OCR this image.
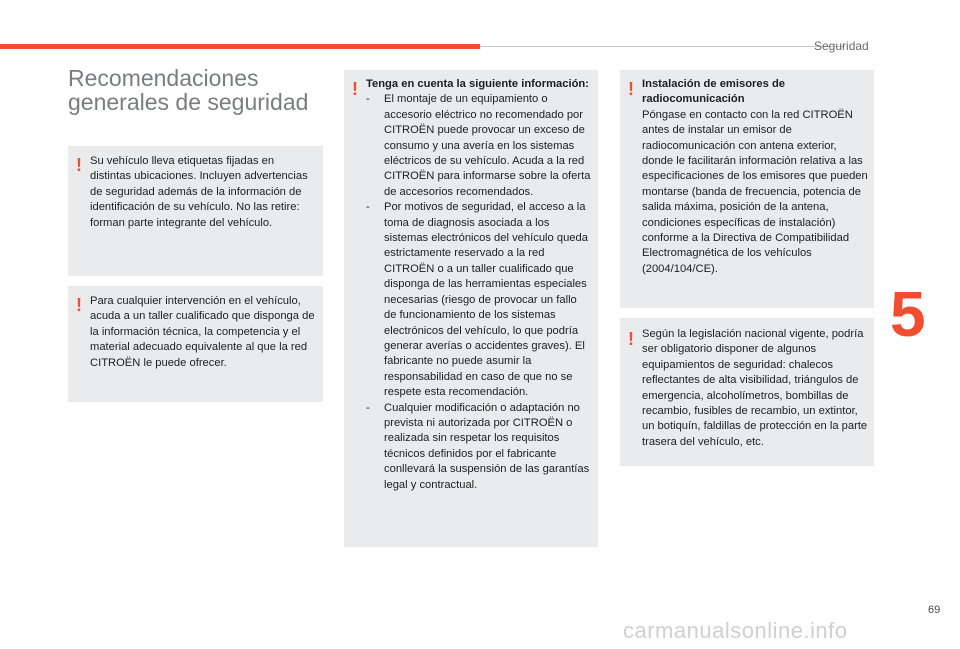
Seguridad
5
69
carmanualsonline.info
Recomendaciones generales de seguridad
! Su vehículo lleva etiquetas fijadas en distintas ubicaciones. Incluyen advertencias de seguridad además de la información de identificación de su vehículo. No las retire: forman parte integrante del vehículo.

! Para cualquier intervención en el vehículo, acuda a un taller cualificado que disponga de la información técnica, la competencia y el material adecuado equivalente al que la red CITROËN le puede ofrecer.

! Tenga en cuenta la siguiente información:

- El montaje de un equipamiento o accesorio eléctrico no recomendado por CITROËN puede provocar un exceso de consumo y una avería en los sistemas eléctricos de su vehículo. Acuda a la red CITROËN para informarse sobre la oferta de accesorios recomendados.
- Por motivos de seguridad, el acceso a la toma de diagnosis asociada a los sistemas electrónicos del vehículo queda estrictamente reservado a la red CITROËN o a un taller cualificado que disponga de las herramientas especiales necesarias (riesgo de provocar un fallo de funcionamiento de los sistemas electrónicos del vehículo, lo que podría generar averías o accidentes graves). El fabricante no puede asumir la responsabilidad en caso de que no se respete esta recomendación.
- Cualquier modificación o adaptación no prevista ni autorizada por CITROËN o realizada sin respetar los requisitos técnicos definidos por el fabricante conllevará la suspensión de las garantías legal y contractual.
! Instalación de emisores de radiocomunicación

Póngase en contacto con la red CITROËN antes de instalar un emisor de radiocomunicación con antena exterior, donde le facilitarán información relativa a las especificaciones de los emisores que pueden montarse (banda de frecuencia, potencia de salida máxima, posición de la antena, condiciones específicas de instalación) conforme a la Directiva de Compatibilidad Electromagnética de los vehículos (2004/104/CE).

! Según la legislación nacional vigente, podría ser obligatorio disponer de algunos equipamientos de seguridad: chalecos reflectantes de alta visibilidad, triángulos de emergencia, alcoholímetros, bombillas de recambio, fusibles de recambio, un extintor, un botiquín, faldillas de protección en la parte trasera del vehículo, etc.
